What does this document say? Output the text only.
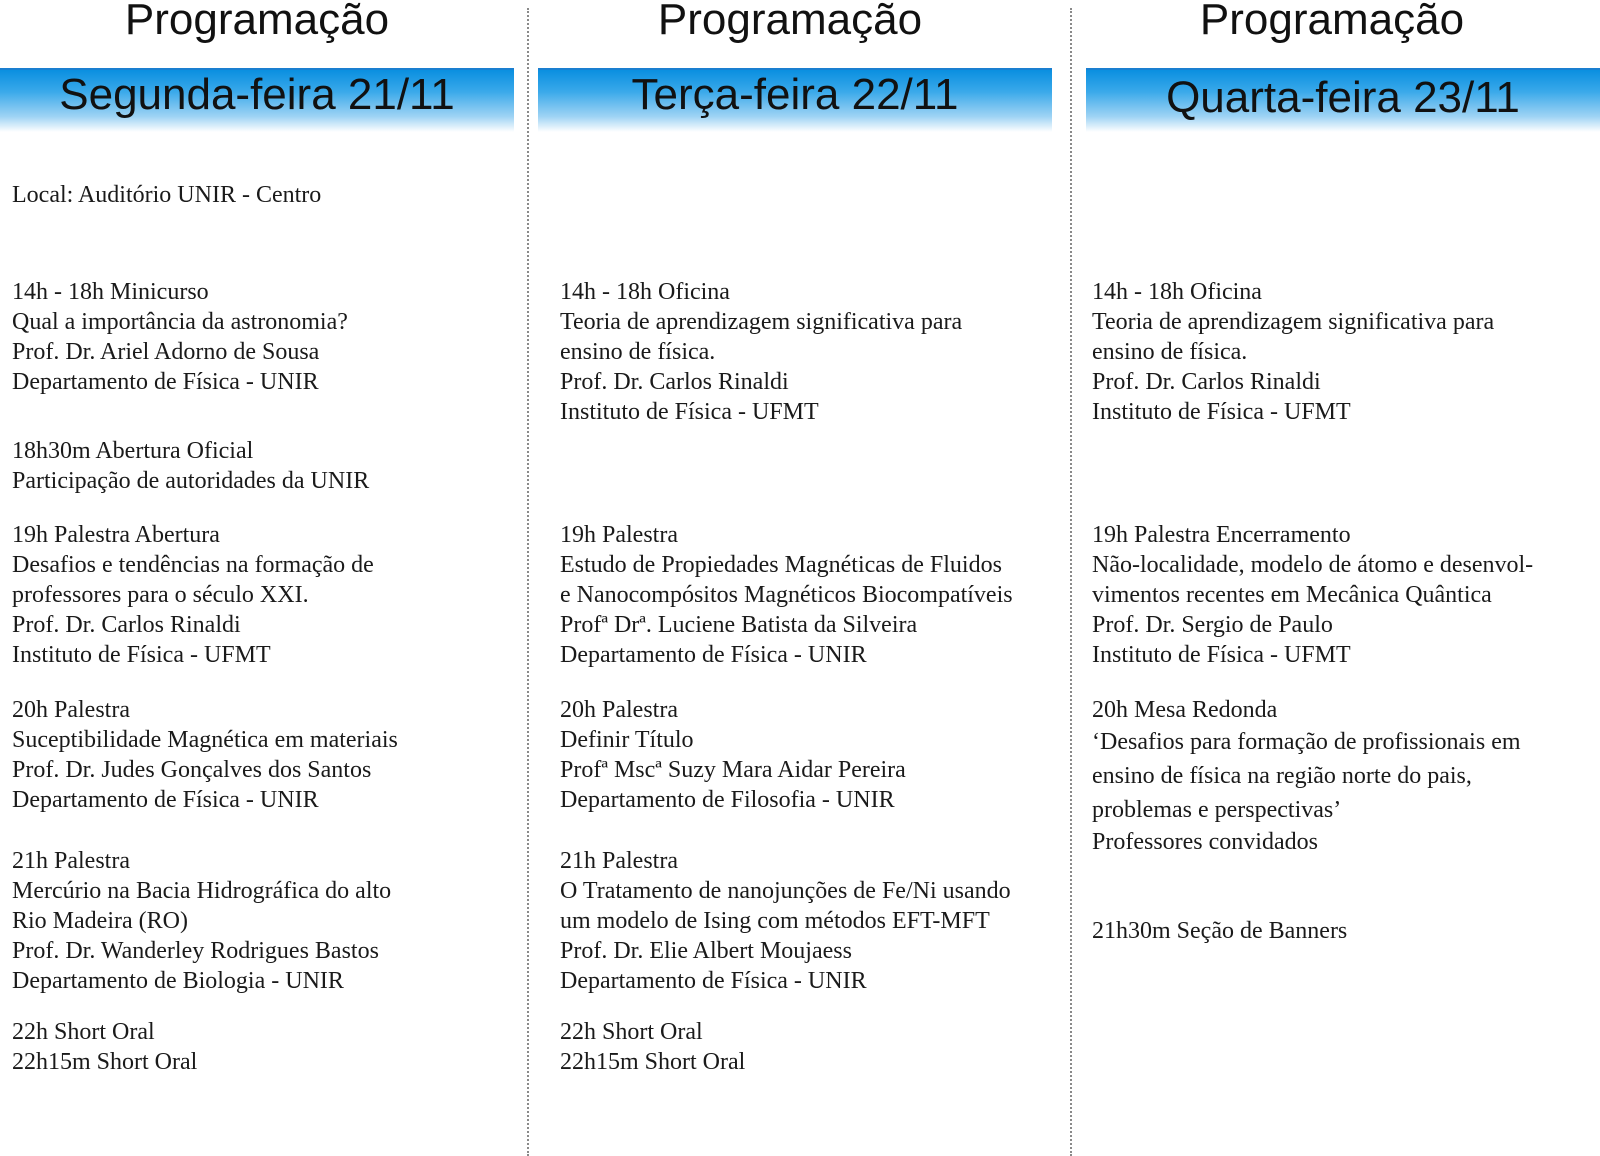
Programação
Segunda-feira 21/11
Local: Auditório UNIR - Centro
14h - 18h Minicurso
Qual a importância da astronomia?
Prof. Dr. Ariel Adorno de Sousa
Departamento de Física - UNIR
18h30m Abertura Oficial
Participação de autoridades da UNIR
19h Palestra Abertura
Desafios e tendências na formação de
professores para o século XXI.
Prof. Dr. Carlos Rinaldi
Instituto de Física - UFMT
20h Palestra
Suceptibilidade Magnética em materiais
Prof. Dr. Judes Gonçalves dos Santos
Departamento de Física - UNIR
21h Palestra
Mercúrio na Bacia Hidrográfica do alto
Rio Madeira (RO)
Prof. Dr. Wanderley Rodrigues Bastos
Departamento de Biologia - UNIR
22h Short Oral
22h15m Short Oral
Programação
Terça-feira 22/11
14h - 18h Oficina
Teoria de aprendizagem significativa para
ensino de física.
Prof. Dr. Carlos Rinaldi
Instituto de Física - UFMT
19h Palestra
Estudo de Propiedades Magnéticas de Fluidos
e Nanocompósitos Magnéticos Biocompatíveis
Profª Drª. Luciene Batista da Silveira
Departamento de Física - UNIR
20h Palestra
Definir Título
Profª Mscª Suzy Mara Aidar Pereira
Departamento de Filosofia - UNIR
21h Palestra
O Tratamento de nanojunções de Fe/Ni usando
um modelo de Ising com métodos EFT-MFT
Prof. Dr. Elie Albert Moujaess
Departamento de Física - UNIR
22h Short Oral
22h15m Short Oral
Programação
Quarta-feira 23/11
14h - 18h Oficina
Teoria de aprendizagem significativa para
ensino de física.
Prof. Dr. Carlos Rinaldi
Instituto de Física - UFMT
19h Palestra Encerramento
Não-localidade, modelo de átomo e desenvol-
vimentos recentes em Mecânica Quântica
Prof. Dr. Sergio de Paulo
Instituto de Física - UFMT
20h Mesa Redonda
‘Desafios para formação de profissionais em
ensino de física na região norte do pais,
problemas e perspectivas’
Professores convidados
21h30m Seção de Banners
